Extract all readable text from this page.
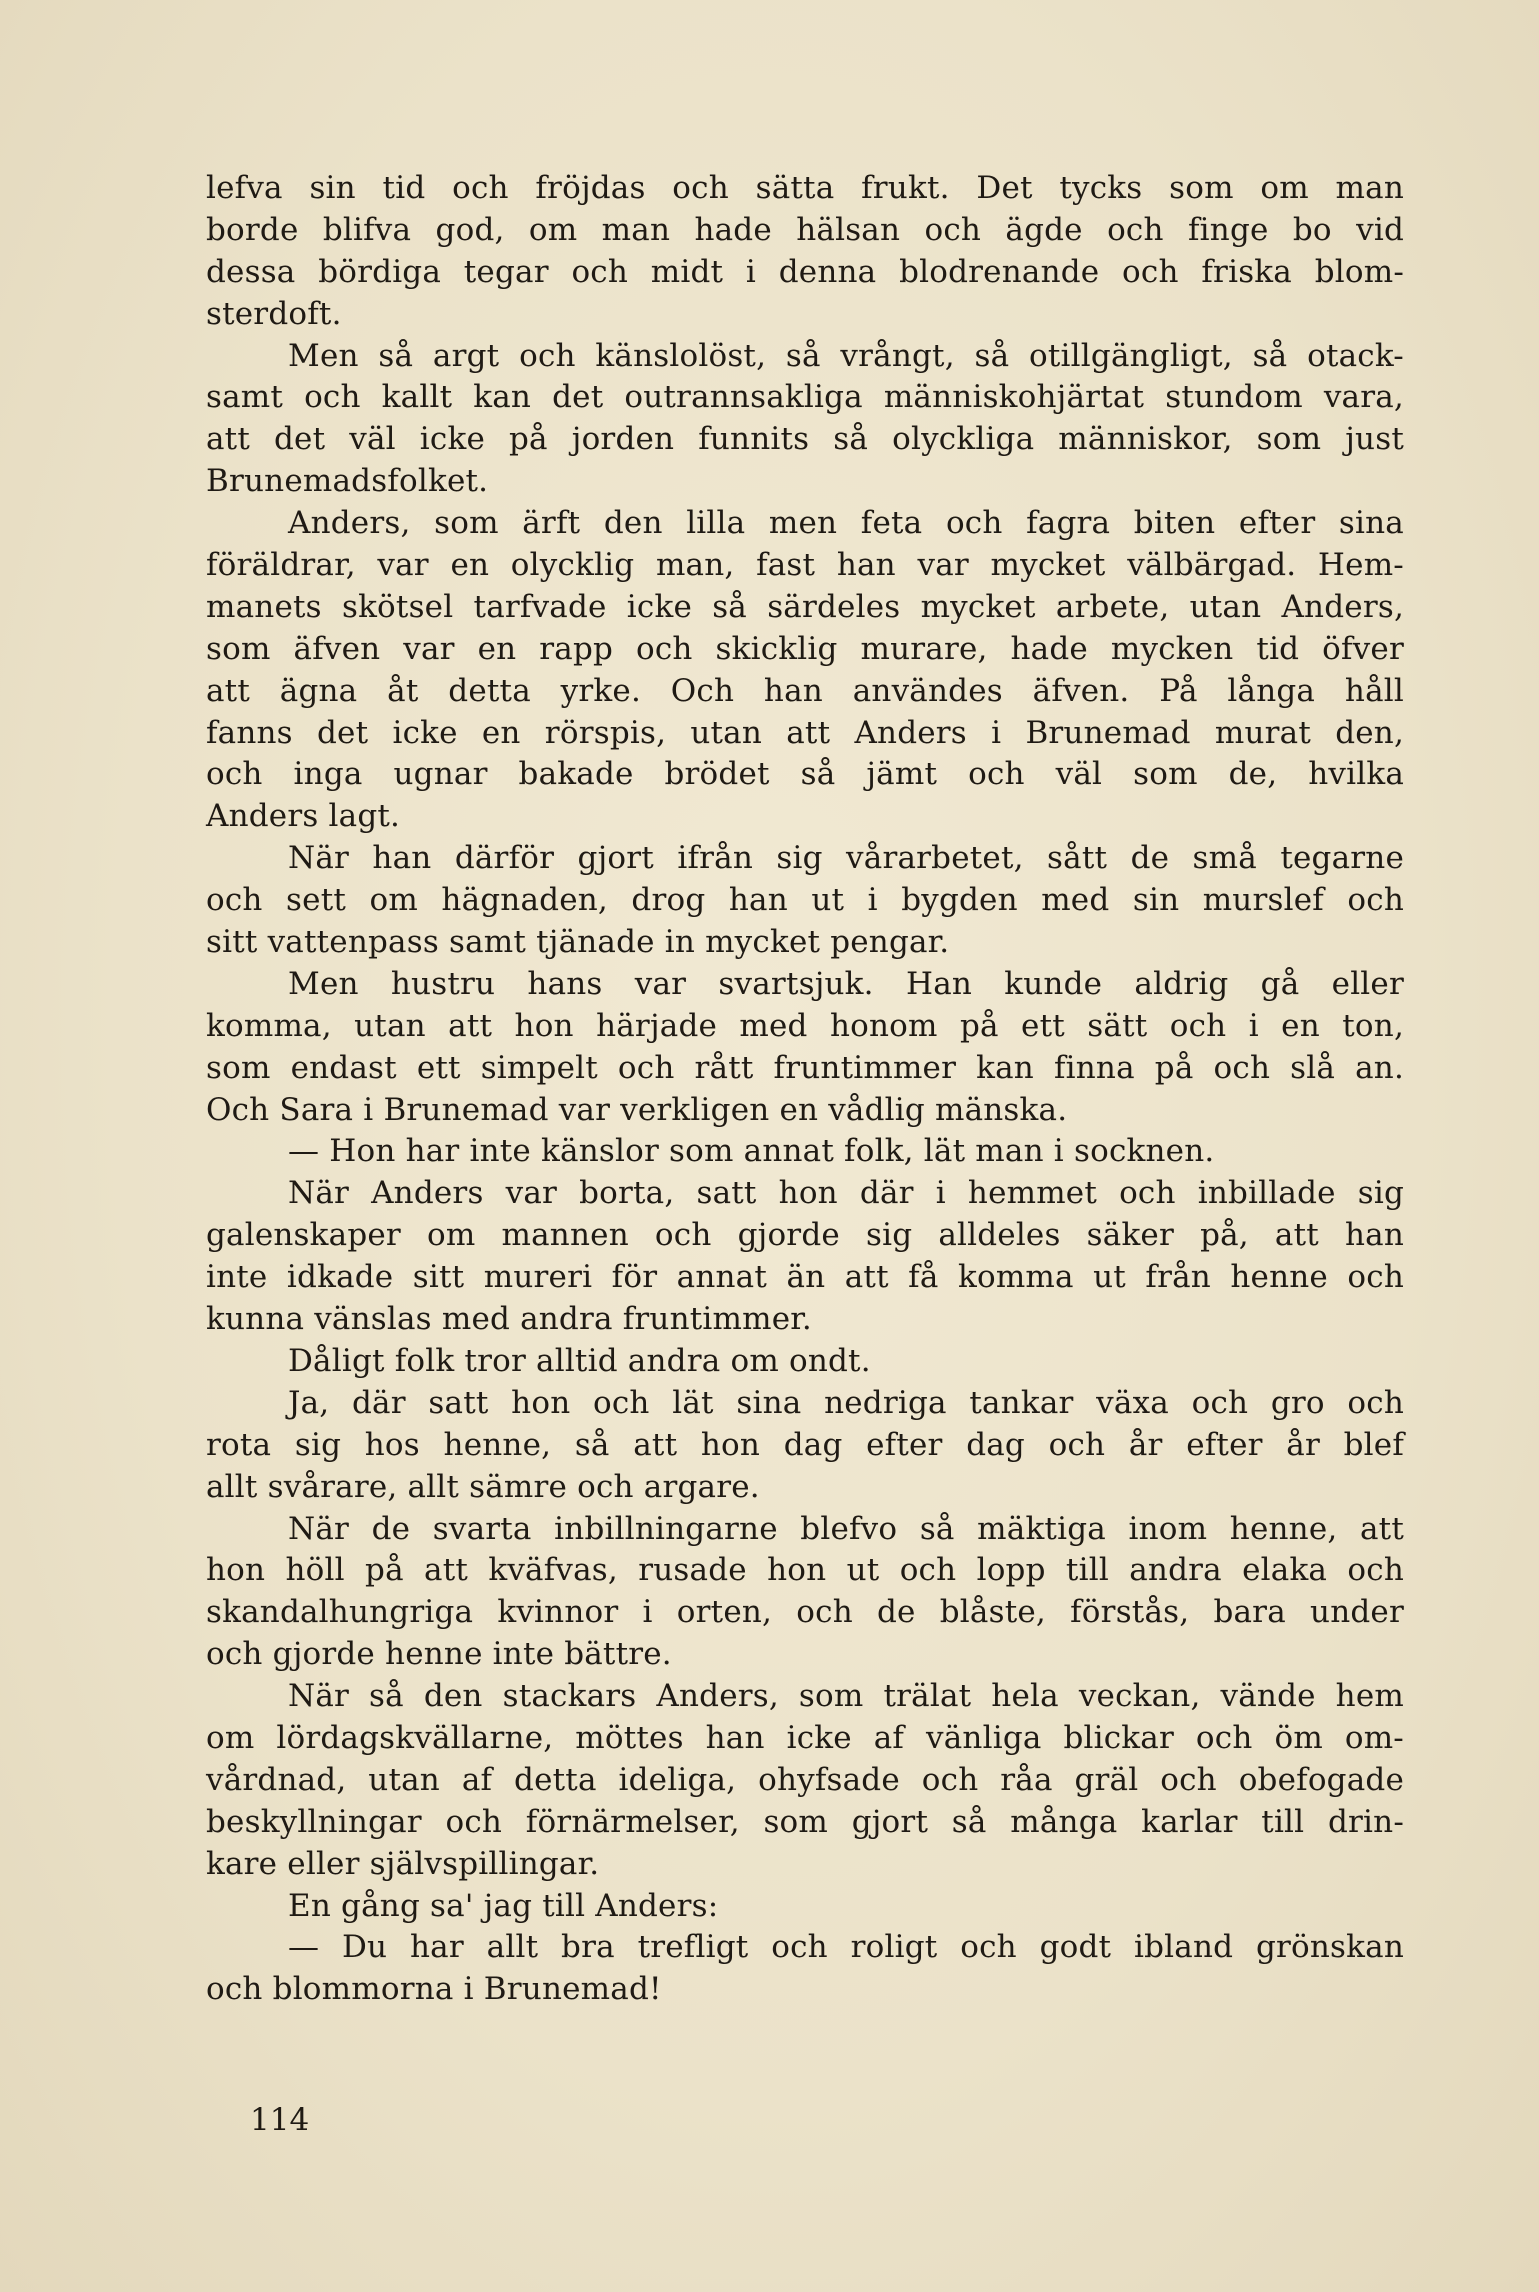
lefva sin tid och fröjdas och sätta frukt. Det tycks som om man
borde blifva god, om man hade hälsan och ägde och finge bo vid
dessa bördiga tegar och midt i denna blodrenande och friska blom-
sterdoft.
Men så argt och känslolöst, så vrångt, så otillgängligt, så otack-
samt och kallt kan det outrannsakliga människohjärtat stundom vara,
att det väl icke på jorden funnits så olyckliga människor, som just
Brunemadsfolket.
Anders, som ärft den lilla men feta och fagra biten efter sina
föräldrar, var en olycklig man, fast han var mycket välbärgad. Hem-
manets skötsel tarfvade icke så särdeles mycket arbete, utan Anders,
som äfven var en rapp och skicklig murare, hade mycken tid öfver
att ägna åt detta yrke. Och han användes äfven. På långa håll
fanns det icke en rörspis, utan att Anders i Brunemad murat den,
och inga ugnar bakade brödet så jämt och väl som de, hvilka
Anders lagt.
När han därför gjort ifrån sig vårarbetet, sått de små tegarne
och sett om hägnaden, drog han ut i bygden med sin murslef och
sitt vattenpass samt tjänade in mycket pengar.
Men hustru hans var svartsjuk. Han kunde aldrig gå eller
komma, utan att hon härjade med honom på ett sätt och i en ton,
som endast ett simpelt och rått fruntimmer kan finna på och slå an.
Och Sara i Brunemad var verkligen en vådlig mänska.
— Hon har inte känslor som annat folk, lät man i socknen.
När Anders var borta, satt hon där i hemmet och inbillade sig
galenskaper om mannen och gjorde sig alldeles säker på, att han
inte idkade sitt mureri för annat än att få komma ut från henne och
kunna vänslas med andra fruntimmer.
Dåligt folk tror alltid andra om ondt.
Ja, där satt hon och lät sina nedriga tankar växa och gro och
rota sig hos henne, så att hon dag efter dag och år efter år blef
allt svårare, allt sämre och argare.
När de svarta inbillningarne blefvo så mäktiga inom henne, att
hon höll på att kväfvas, rusade hon ut och lopp till andra elaka och
skandalhungriga kvinnor i orten, och de blåste, förstås, bara under
och gjorde henne inte bättre.
När så den stackars Anders, som trälat hela veckan, vände hem
om lördagskvällarne, möttes han icke af vänliga blickar och öm om-
vårdnad, utan af detta ideliga, ohyfsade och råa gräl och obefogade
beskyllningar och förnärmelser, som gjort så många karlar till drin-
kare eller självspillingar.
En gång sa' jag till Anders:
— Du har allt bra trefligt och roligt och godt ibland grönskan
och blommorna i Brunemad!
114
